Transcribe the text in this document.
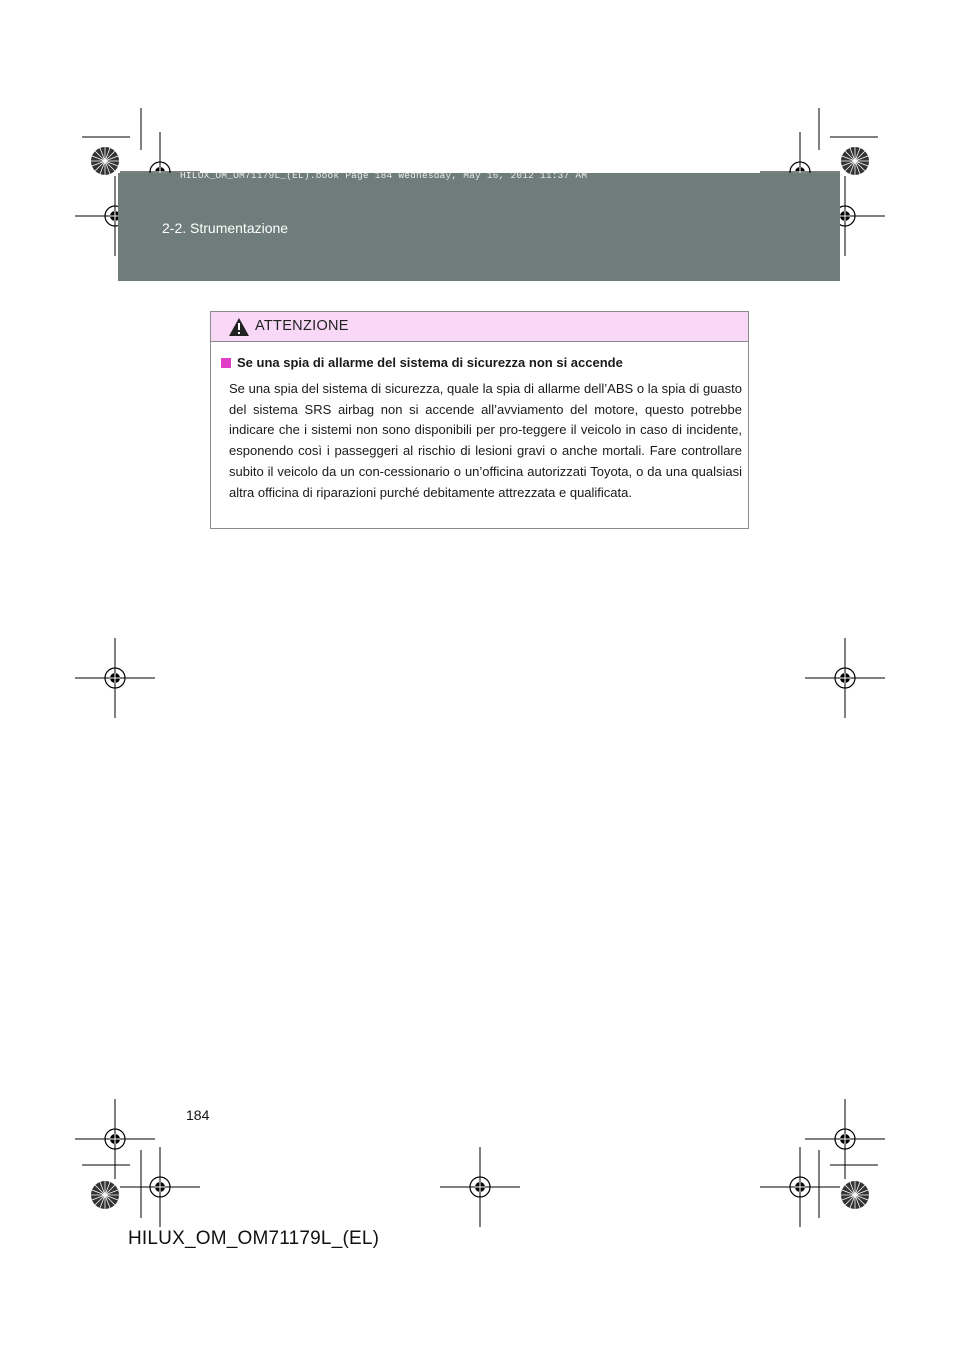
HILUX_OM_OM71179L_(EL).book Page 184 Wednesday, May 16, 2012 11:37 AM
2-2. Strumentazione
ATTENZIONE
Se una spia di allarme del sistema di sicurezza non si accende

Se una spia del sistema di sicurezza, quale la spia di allarme dell’ABS o la spia di guasto del sistema SRS airbag non si accende all’avviamento del motore, questo potrebbe indicare che i sistemi non sono disponibili per pro-teggere il veicolo in caso di incidente, esponendo così i passeggeri al rischio di lesioni gravi o anche mortali. Fare controllare subito il veicolo da un con-cessionario o un’officina autorizzati Toyota, o da una qualsiasi altra officina di riparazioni purché debitamente attrezzata e qualificata.

184
HILUX_OM_OM71179L_(EL)
